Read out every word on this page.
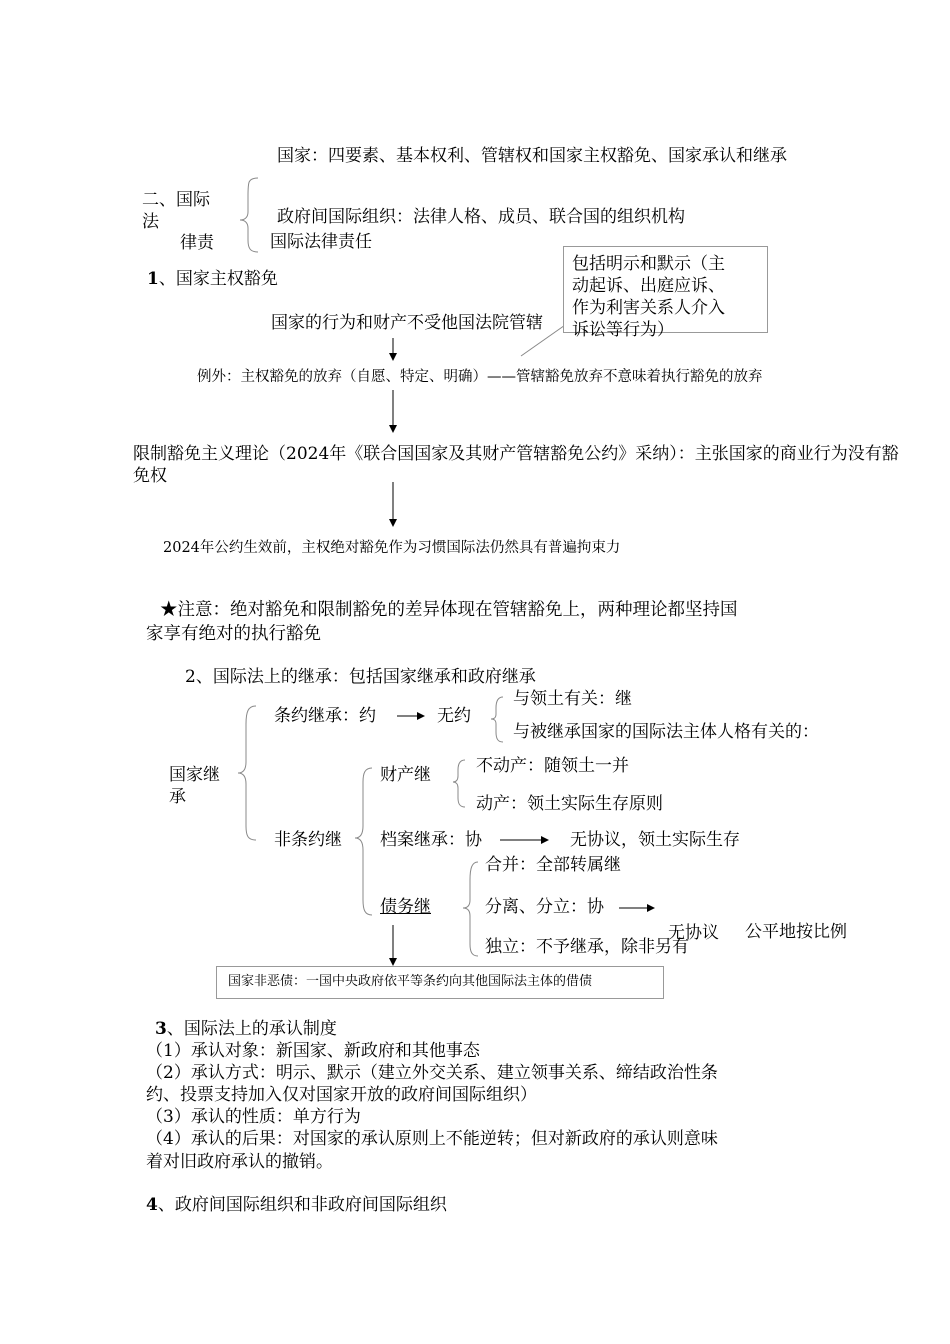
国家：四要素、基本权利、管辖权和国家主权豁免、国家承认和继承
二、国际法	政府间国际组织：法律人格、成员、联合国的组织机构
律责	国际法律责任
1、国家主权豁免
国家的行为和财产不受他国法院管辖
包括明示和默示（主
动起诉、出庭应诉、
作为利害关系人介入
诉讼等行为）
例外：主权豁免的放弃（自愿、特定、明确）——管辖豁免放弃不意味着执行豁免的放弃
限制豁免主义理论（2024年《联合国国家及其财产管辖豁免公约》采纳）：主张国家的商业行为没有豁免权
2024年公约生效前，主权绝对豁免作为习惯国际法仍然具有普遍拘束力
★注意：绝对豁免和限制豁免的差异体现在管辖豁免上，两种理论都坚持国
家享有绝对的执行豁免
2、国际法上的继承：包括国家继承和政府继承
与领土有关：继
条约继承：约	无约
与被继承国家的国际法主体人格有关的：
国家继承
不动产：随领土一并
财产继
动产：领土实际生存原则
非条约继 档案继承：协	无协议，领土实际生存
合并：全部转属继
债务继	分离、分立：协
无协议 公平地按比例
独立：不予继承，除非另有
国家非恶债：一国中央政府依平等条约向其他国际法主体的借债
3、国际法上的承认制度
（1）承认对象：新国家、新政府和其他事态
（2）承认方式：明示、默示（建立外交关系、建立领事关系、缔结政治性条
约、投票支持加入仅对国家开放的政府间国际组织）
（3）承认的性质：单方行为
（4）承认的后果：对国家的承认原则上不能逆转；但对新政府的承认则意味
着对旧政府承认的撤销。
4、政府间国际组织和非政府间国际组织
